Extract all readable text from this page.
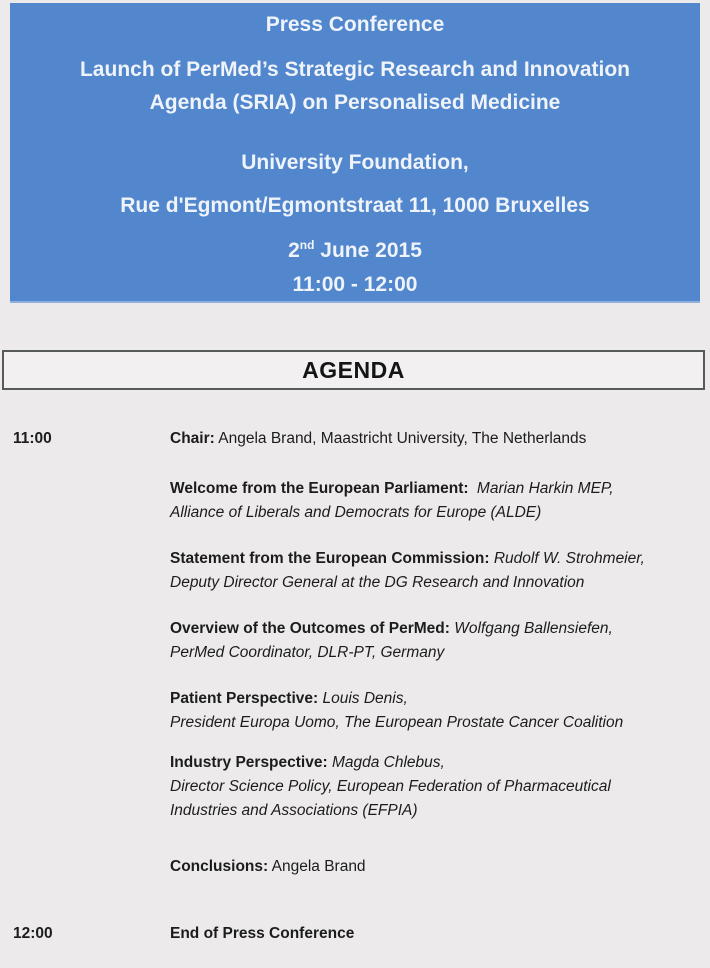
Press Conference
Launch of PerMed’s Strategic Research and Innovation
Agenda (SRIA) on Personalised Medicine
University Foundation,
Rue d'Egmont/Egmontstraat 11, 1000 Bruxelles
2nd June 2015
11:00 - 12:00
AGENDA
11:00	Chair: Angela Brand, Maastricht University, The Netherlands
Welcome from the European Parliament: Marian Harkin MEP,
Alliance of Liberals and Democrats for Europe (ALDE)
Statement from the European Commission: Rudolf W. Strohmeier,
Deputy Director General at the DG Research and Innovation
Overview of the Outcomes of PerMed: Wolfgang Ballensiefen,
PerMed Coordinator, DLR-PT, Germany
Patient Perspective: Louis Denis,
President Europa Uomo, The European Prostate Cancer Coalition
Industry Perspective: Magda Chlebus,
Director Science Policy, European Federation of Pharmaceutical
Industries and Associations (EFPIA)
Conclusions: Angela Brand
12:00	End of Press Conference
